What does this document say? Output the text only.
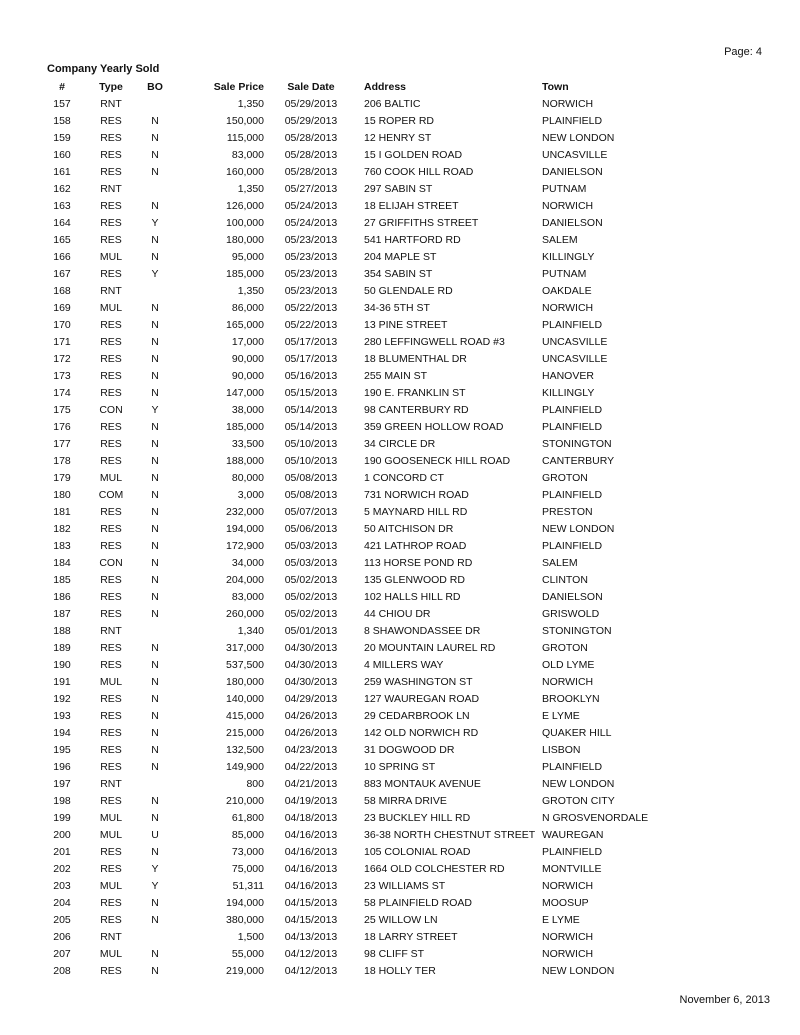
Page: 4
Company Yearly Sold
#	Type	BO	Sale Price	Sale Date	Address	Town
157	RNT		1,350	05/29/2013	206 BALTIC	NORWICH
158	RES	N	150,000	05/29/2013	15 ROPER RD	PLAINFIELD
159	RES	N	115,000	05/28/2013	12 HENRY ST	NEW LONDON
160	RES	N	83,000	05/28/2013	15 I GOLDEN ROAD	UNCASVILLE
161	RES	N	160,000	05/28/2013	760 COOK HILL ROAD	DANIELSON
162	RNT		1,350	05/27/2013	297 SABIN ST	PUTNAM
163	RES	N	126,000	05/24/2013	18 ELIJAH STREET	NORWICH
164	RES	Y	100,000	05/24/2013	27 GRIFFITHS STREET	DANIELSON
165	RES	N	180,000	05/23/2013	541 HARTFORD RD	SALEM
166	MUL	N	95,000	05/23/2013	204 MAPLE ST	KILLINGLY
167	RES	Y	185,000	05/23/2013	354 SABIN ST	PUTNAM
168	RNT		1,350	05/23/2013	50 GLENDALE RD	OAKDALE
169	MUL	N	86,000	05/22/2013	34-36 5TH ST	NORWICH
170	RES	N	165,000	05/22/2013	13 PINE STREET	PLAINFIELD
171	RES	N	17,000	05/17/2013	280 LEFFINGWELL ROAD #3	UNCASVILLE
172	RES	N	90,000	05/17/2013	18 BLUMENTHAL DR	UNCASVILLE
173	RES	N	90,000	05/16/2013	255 MAIN ST	HANOVER
174	RES	N	147,000	05/15/2013	190 E. FRANKLIN ST	KILLINGLY
175	CON	Y	38,000	05/14/2013	98 CANTERBURY RD	PLAINFIELD
176	RES	N	185,000	05/14/2013	359 GREEN HOLLOW ROAD	PLAINFIELD
177	RES	N	33,500	05/10/2013	34 CIRCLE DR	STONINGTON
178	RES	N	188,000	05/10/2013	190 GOOSENECK HILL ROAD	CANTERBURY
179	MUL	N	80,000	05/08/2013	1 CONCORD CT	GROTON
180	COM	N	3,000	05/08/2013	731 NORWICH ROAD	PLAINFIELD
181	RES	N	232,000	05/07/2013	5 MAYNARD HILL RD	PRESTON
182	RES	N	194,000	05/06/2013	50 AITCHISON DR	NEW LONDON
183	RES	N	172,900	05/03/2013	421 LATHROP ROAD	PLAINFIELD
184	CON	N	34,000	05/03/2013	113 HORSE POND RD	SALEM
185	RES	N	204,000	05/02/2013	135 GLENWOOD RD	CLINTON
186	RES	N	83,000	05/02/2013	102 HALLS HILL RD	DANIELSON
187	RES	N	260,000	05/02/2013	44 CHIOU DR	GRISWOLD
188	RNT		1,340	05/01/2013	8 SHAWONDASSEE DR	STONINGTON
189	RES	N	317,000	04/30/2013	20 MOUNTAIN LAUREL RD	GROTON
190	RES	N	537,500	04/30/2013	4 MILLERS WAY	OLD LYME
191	MUL	N	180,000	04/30/2013	259 WASHINGTON ST	NORWICH
192	RES	N	140,000	04/29/2013	127 WAUREGAN ROAD	BROOKLYN
193	RES	N	415,000	04/26/2013	29 CEDARBROOK LN	E LYME
194	RES	N	215,000	04/26/2013	142 OLD NORWICH RD	QUAKER HILL
195	RES	N	132,500	04/23/2013	31 DOGWOOD DR	LISBON
196	RES	N	149,900	04/22/2013	10 SPRING ST	PLAINFIELD
197	RNT		800	04/21/2013	883 MONTAUK AVENUE	NEW LONDON
198	RES	N	210,000	04/19/2013	58 MIRRA DRIVE	GROTON CITY
199	MUL	N	61,800	04/18/2013	23 BUCKLEY HILL RD	N GROSVENORDALE
200	MUL	U	85,000	04/16/2013	36-38 NORTH CHESTNUT STREET	WAUREGAN
201	RES	N	73,000	04/16/2013	105 COLONIAL ROAD	PLAINFIELD
202	RES	Y	75,000	04/16/2013	1664 OLD COLCHESTER RD	MONTVILLE
203	MUL	Y	51,311	04/16/2013	23 WILLIAMS ST	NORWICH
204	RES	N	194,000	04/15/2013	58 PLAINFIELD ROAD	MOOSUP
205	RES	N	380,000	04/15/2013	25 WILLOW LN	E LYME
206	RNT		1,500	04/13/2013	18 LARRY STREET	NORWICH
207	MUL	N	55,000	04/12/2013	98 CLIFF ST	NORWICH
208	RES	N	219,000	04/12/2013	18 HOLLY TER	NEW LONDON
November 6, 2013
